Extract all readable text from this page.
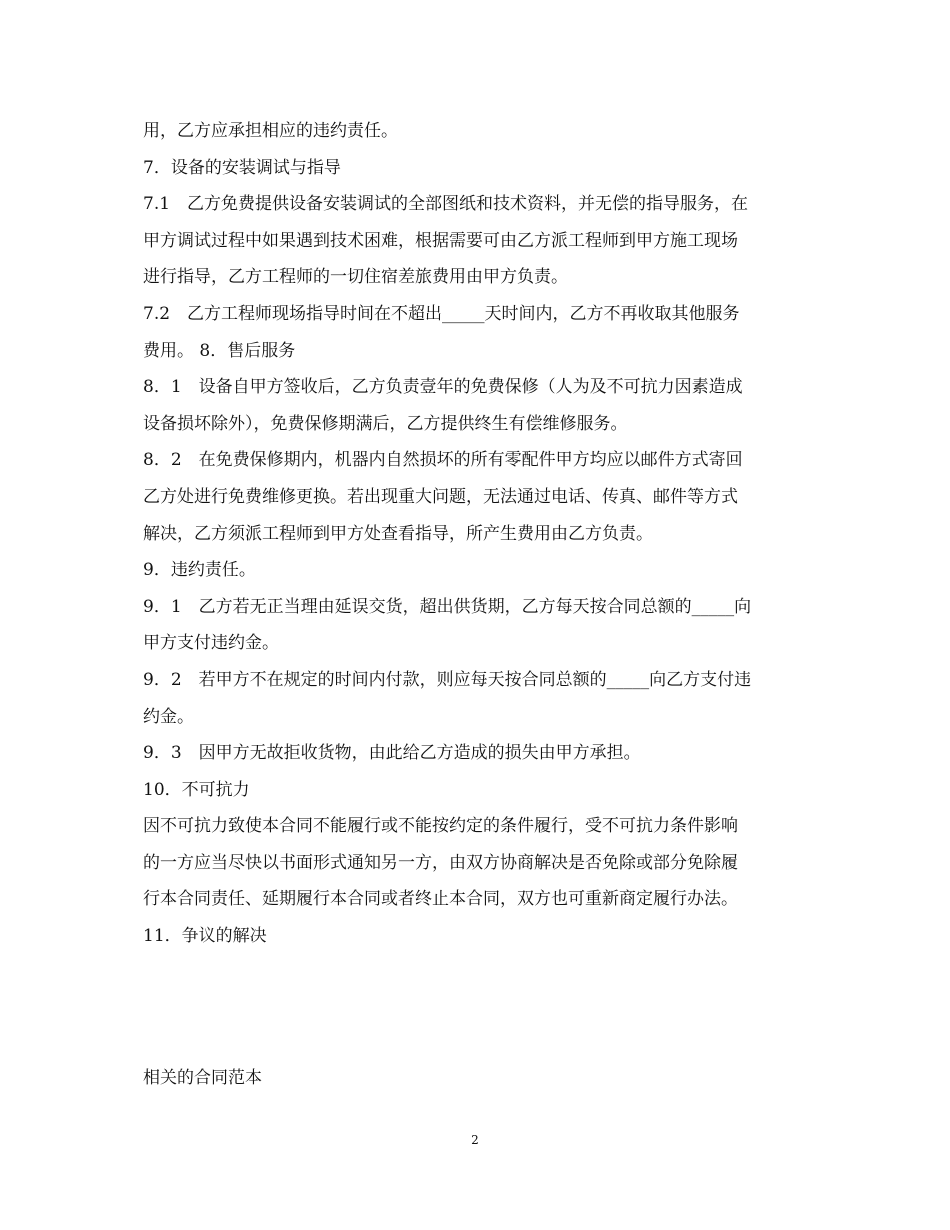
用，乙方应承担相应的违约责任。
7．设备的安装调试与指导
7.1　乙方免费提供设备安装调试的全部图纸和技术资料，并无偿的指导服务，在
甲方调试过程中如果遇到技术困难，根据需要可由乙方派工程师到甲方施工现场
进行指导，乙方工程师的一切住宿差旅费用由甲方负责。
7.2　乙方工程师现场指导时间在不超出_____天时间内，乙方不再收取其他服务
费用。 8．售后服务
8．1　设备自甲方签收后，乙方负责壹年的免费保修（人为及不可抗力因素造成
设备损坏除外），免费保修期满后，乙方提供终生有偿维修服务。
8．2　在免费保修期内，机器内自然损坏的所有零配件甲方均应以邮件方式寄回
乙方处进行免费维修更换。若出现重大问题，无法通过电话、传真、邮件等方式
解决，乙方须派工程师到甲方处查看指导，所产生费用由乙方负责。
9．违约责任。
9．1　乙方若无正当理由延误交货，超出供货期，乙方每天按合同总额的_____向
甲方支付违约金。
9．2　若甲方不在规定的时间内付款，则应每天按合同总额的_____向乙方支付违
约金。
9．3　因甲方无故拒收货物，由此给乙方造成的损失由甲方承担。
10．不可抗力
因不可抗力致使本合同不能履行或不能按约定的条件履行，受不可抗力条件影响
的一方应当尽快以书面形式通知另一方，由双方协商解决是否免除或部分免除履
行本合同责任、延期履行本合同或者终止本合同，双方也可重新商定履行办法。
11．争议的解决
相关的合同范本
2
